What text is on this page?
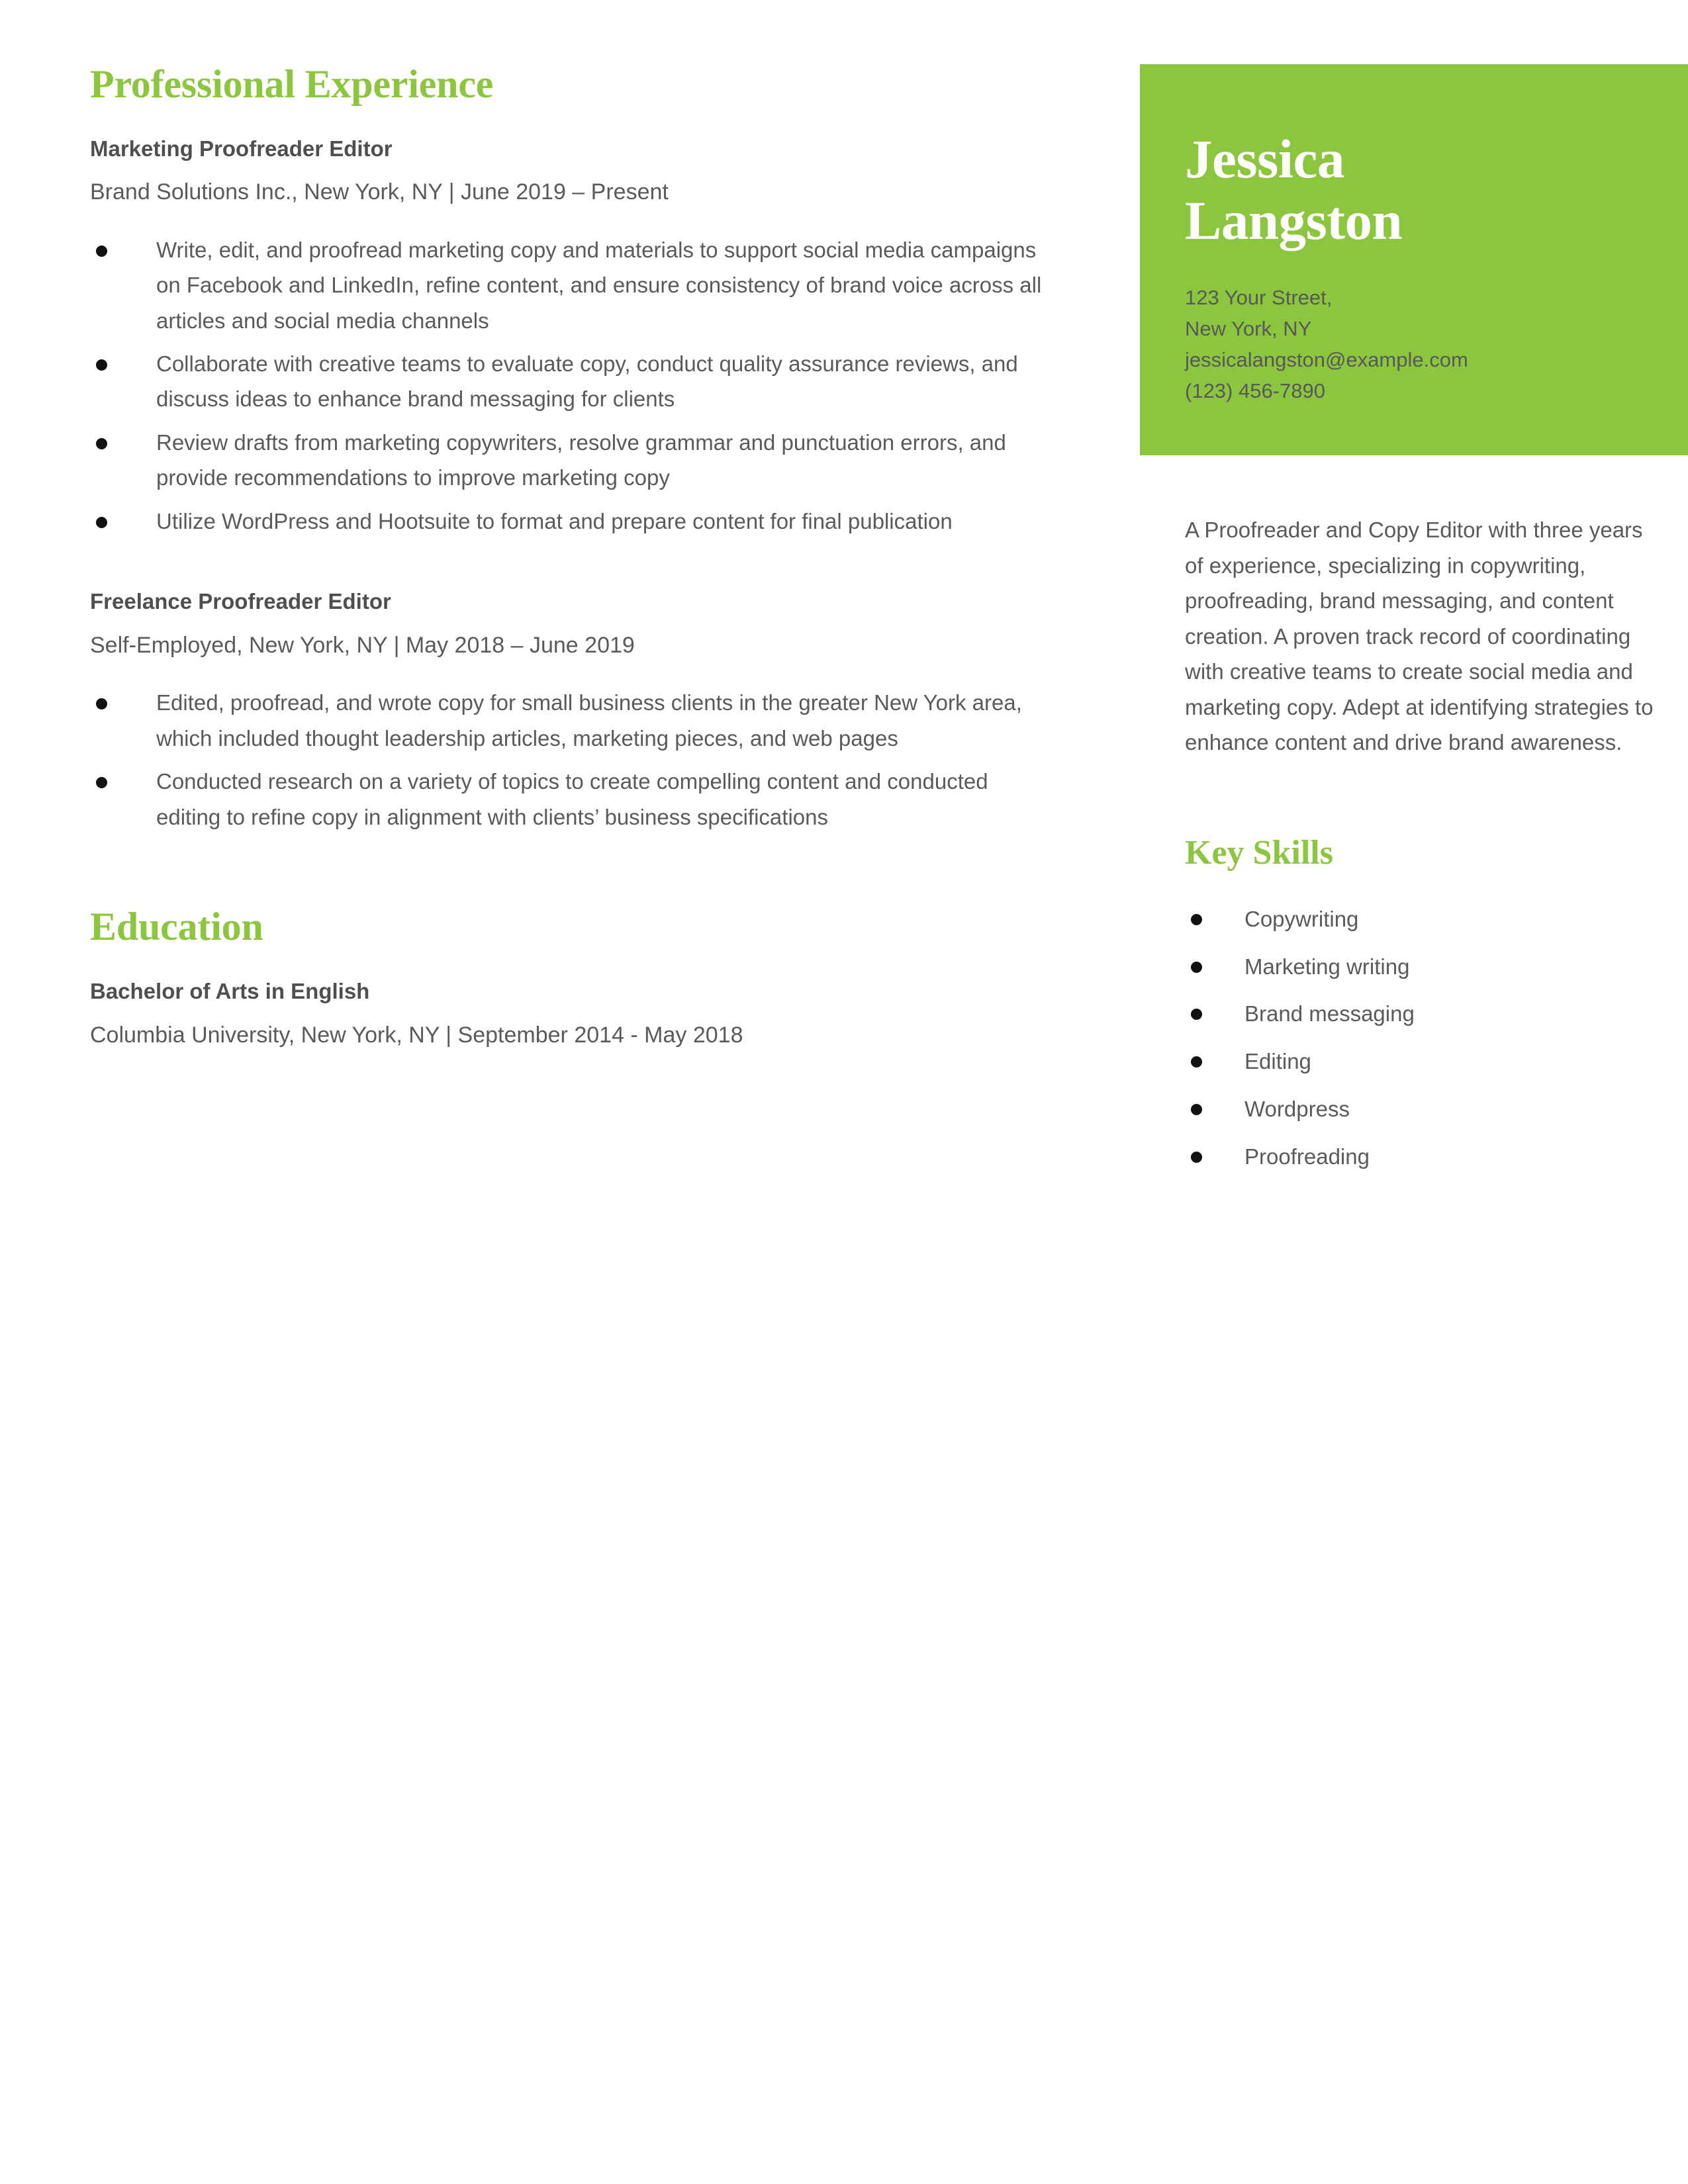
Professional Experience
Marketing Proofreader Editor
Brand Solutions Inc., New York, NY | June 2019 – Present
Write, edit, and proofread marketing copy and materials to support social media campaigns on Facebook and LinkedIn, refine content, and ensure consistency of brand voice across all articles and social media channels
Collaborate with creative teams to evaluate copy, conduct quality assurance reviews, and discuss ideas to enhance brand messaging for clients
Review drafts from marketing copywriters, resolve grammar and punctuation errors, and provide recommendations to improve marketing copy
Utilize WordPress and Hootsuite to format and prepare content for final publication
Freelance Proofreader Editor
Self-Employed, New York, NY | May 2018 – June 2019
Edited, proofread, and wrote copy for small business clients in the greater New York area, which included thought leadership articles, marketing pieces, and web pages
Conducted research on a variety of topics to create compelling content and conducted editing to refine copy in alignment with clients’ business specifications
Education
Bachelor of Arts in English
Columbia University, New York, NY | September 2014 - May 2018
Jessica
Langston
123 Your Street,
New York, NY
jessicalangston@example.com
(123) 456-7890
A Proofreader and Copy Editor with three years of experience, specializing in copywriting, proofreading, brand messaging, and content creation. A proven track record of coordinating with creative teams to create social media and marketing copy. Adept at identifying strategies to enhance content and drive brand awareness.
Key Skills
Copywriting
Marketing writing
Brand messaging
Editing
Wordpress
Proofreading
